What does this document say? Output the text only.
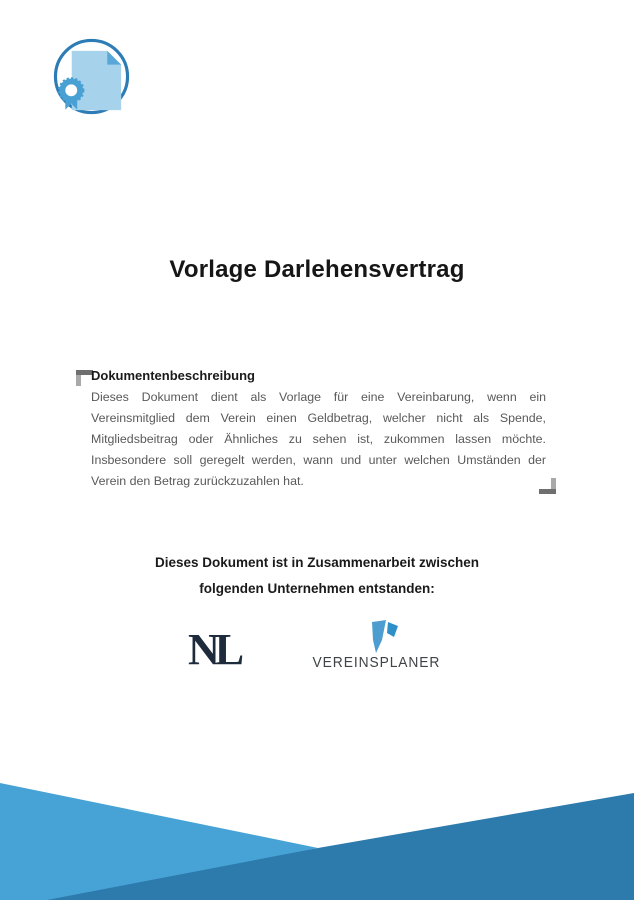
Vorlage Darlehensvertrag

Dokumentenbeschreibung

Dieses Dokument dient als Vorlage für eine Vereinbarung, wenn ein Vereinsmitglied dem Verein einen Geldbetrag, welcher nicht als Spende, Mitgliedsbeitrag oder Ähnliches zu sehen ist, zukommen lassen möchte. Insbesondere soll geregelt werden, wann und unter welchen Umständen der Verein den Betrag zurückzuzahlen hat.

Dieses Dokument ist in Zusammenarbeit zwischen
folgenden Unternehmen entstanden:
NL	VEREINSPLANER
